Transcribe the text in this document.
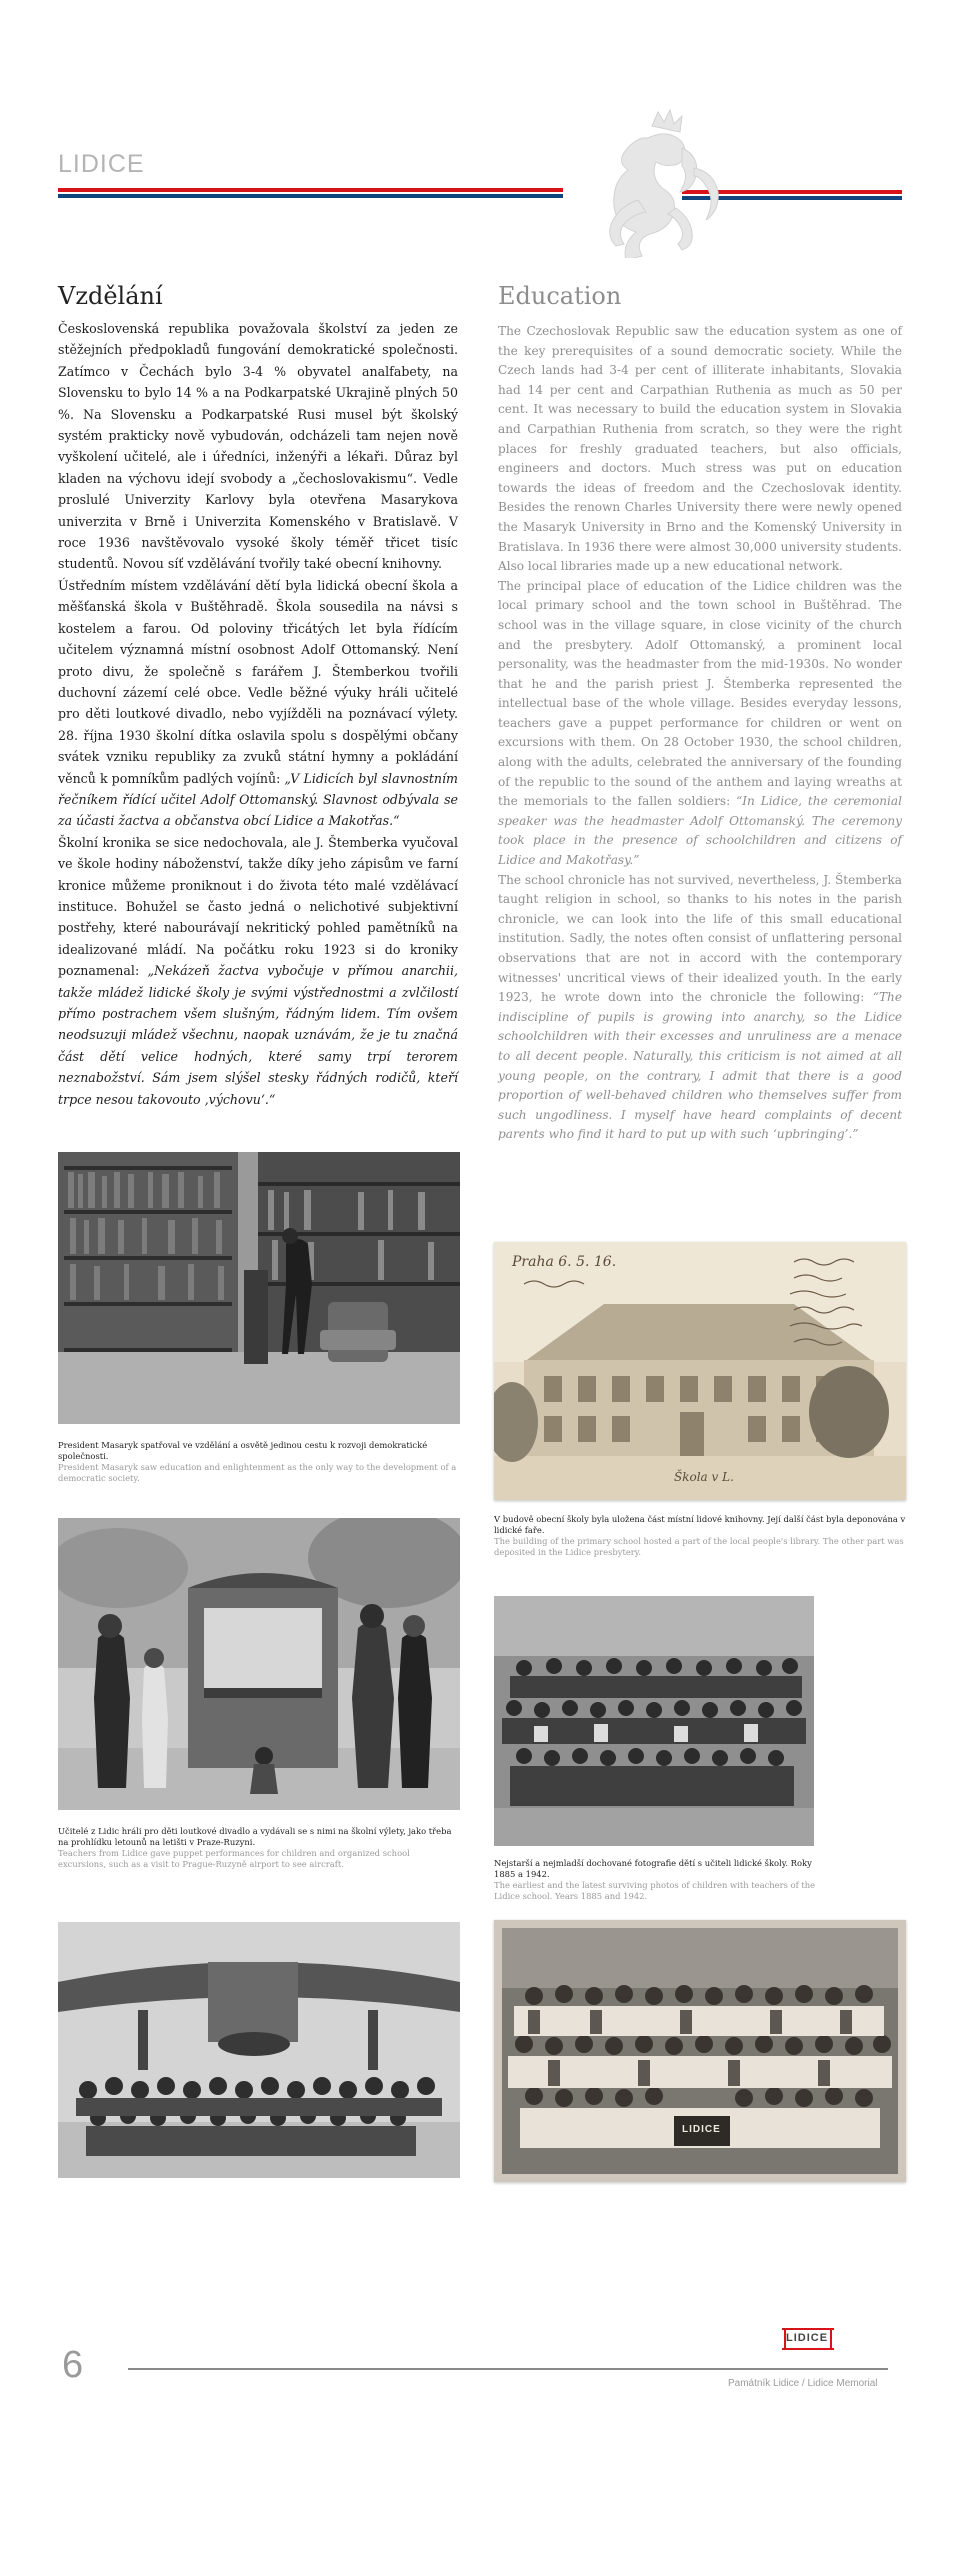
LIDICE
Vzdělání

Československá republika považovala školství za jeden ze stěžejních předpokladů fungování demokratické společnosti. Zatímco v Čechách bylo 3-4 % obyvatel analfabety, na Slovensku to bylo 14 % a na Podkarpatské Ukrajině plných 50 %. Na Slovensku a Podkarpatské Rusi musel být školský systém prakticky nově vybudován, odcházeli tam nejen nově vyškolení učitelé, ale i úředníci, inženýři a lékaři. Důraz byl kladen na výchovu idejí svobody a „čechoslovakismu“. Vedle proslulé Univerzity Karlovy byla otevřena Masarykova univerzita v Brně i Univerzita Komenského v Bratislavě. V roce 1936 navštěvovalo vysoké školy téměř třicet tisíc studentů. Novou síť vzdělávání tvořily také obecní knihovny.

Ústředním místem vzdělávání dětí byla lidická obecní škola a měšťanská škola v Buštěhradě. Škola sousedila na návsi s kostelem a farou. Od poloviny třicátých let byla řídícím učitelem významná místní osobnost Adolf Ottomanský. Není proto divu, že společně s farářem J. Štemberkou tvořili duchovní zázemí celé obce. Vedle běžné výuky hráli učitelé pro děti loutkové divadlo, nebo vyjížděli na poznávací výlety. 28. října 1930 školní dítka oslavila spolu s dospělými občany svátek vzniku republiky za zvuků státní hymny a pokládání věnců k pomníkům padlých vojínů: „V Lidicích byl slavnostním řečníkem řídící učitel Adolf Ottomanský. Slavnost odbývala se za účasti žactva a občanstva obcí Lidice a Makotřas.“

Školní kronika se sice nedochovala, ale J. Štemberka vyučoval ve škole hodiny náboženství, takže díky jeho zápisům ve farní kronice můžeme proniknout i do života této malé vzdělávací instituce. Bohužel se často jedná o nelichotivé subjektivní postřehy, které nabourávají nekritický pohled pamětníků na idealizované mládí. Na počátku roku 1923 si do kroniky poznamenal: „Nekázeň žactva vybočuje v přímou anarchii, takže mládež lidické školy je svými výstřednostmi a zvlčilostí přímo postrachem všem slušným, řádným lidem. Tím ovšem neodsuzuji mládež všechnu, naopak uznávám, že je tu značná část dětí velice hodných, které samy trpí terorem neznabožství. Sám jsem slýšel stesky řádných rodičů, kteří trpce nesou takovouto ‚výchovu‘.“

Education

The Czechoslovak Republic saw the education system as one of the key prerequisites of a sound democratic society. While the Czech lands had 3-4 per cent of illiterate inhabitants, Slovakia had 14 per cent and Carpathian Ruthenia as much as 50 per cent. It was necessary to build the education system in Slovakia and Carpathian Ruthenia from scratch, so they were the right places for freshly graduated teachers, but also officials, engineers and doctors. Much stress was put on education towards the ideas of freedom and the Czechoslovak identity. Besides the renown Charles University there were newly opened the Masaryk University in Brno and the Komenský University in Bratislava. In 1936 there were almost 30,000 university students. Also local libraries made up a new educational network.

The principal place of education of the Lidice children was the local primary school and the town school in Buštěhrad. The school was in the village square, in close vicinity of the church and the presbytery. Adolf Ottomanský, a prominent local personality, was the headmaster from the mid-1930s. No wonder that he and the parish priest J. Štemberka represented the intellectual base of the whole village. Besides everyday lessons, teachers gave a puppet performance for children or went on excursions with them. On 28 October 1930, the school children, along with the adults, celebrated the anniversary of the founding of the republic to the sound of the anthem and laying wreaths at the memorials to the fallen soldiers: “In Lidice, the ceremonial speaker was the headmaster Adolf Ottomanský. The ceremony took place in the presence of schoolchildren and citizens of Lidice and Makotřasy.”

The school chronicle has not survived, nevertheless, J. Štemberka taught religion in school, so thanks to his notes in the parish chronicle, we can look into the life of this small educational institution. Sadly, the notes often consist of unflattering personal observations that are not in accord with the contemporary witnesses' uncritical views of their idealized youth. In the early 1923, he wrote down into the chronicle the following: “The indiscipline of pupils is growing into anarchy, so the Lidice schoolchildren with their excesses and unruliness are a menace to all decent people. Naturally, this criticism is not aimed at all young people, on the contrary, I admit that there is a good proportion of well-behaved children who themselves suffer from such ungodliness. I myself have heard complaints of decent parents who find it hard to put up with such ‘upbringing’.”

President Masaryk spatřoval ve vzdělání a osvětě jedinou cestu k rozvoji demokratické společnosti.
President Masaryk saw education and enlightenment as the only way to the development of a democratic society.
Praha 6. 5. 16.
Škola v L.
V budově obecní školy byla uložena část místní lidové knihovny. Její další část byla deponována v lidické faře.
The building of the primary school hosted a part of the local people's library. The other part was deposited in the Lidice presbytery.
Učitelé z Lidic hráli pro děti loutkové divadlo a vydávali se s nimi na školní výlety, jako třeba na prohlídku letounů na letišti v Praze-Ruzyni.
Teachers from Lidice gave puppet performances for children and organized school excursions, such as a visit to Prague-Ruzyně airport to see aircraft.	Nejstarší a nejmladší dochované fotografie dětí s učiteli lidické školy. Roky 1885 a 1942.
The earliest and the latest surviving photos of children with teachers of the Lidice school. Years 1885 and 1942.
LIDICE
LIDICE
6	Památník Lidice / Lidice Memorial
